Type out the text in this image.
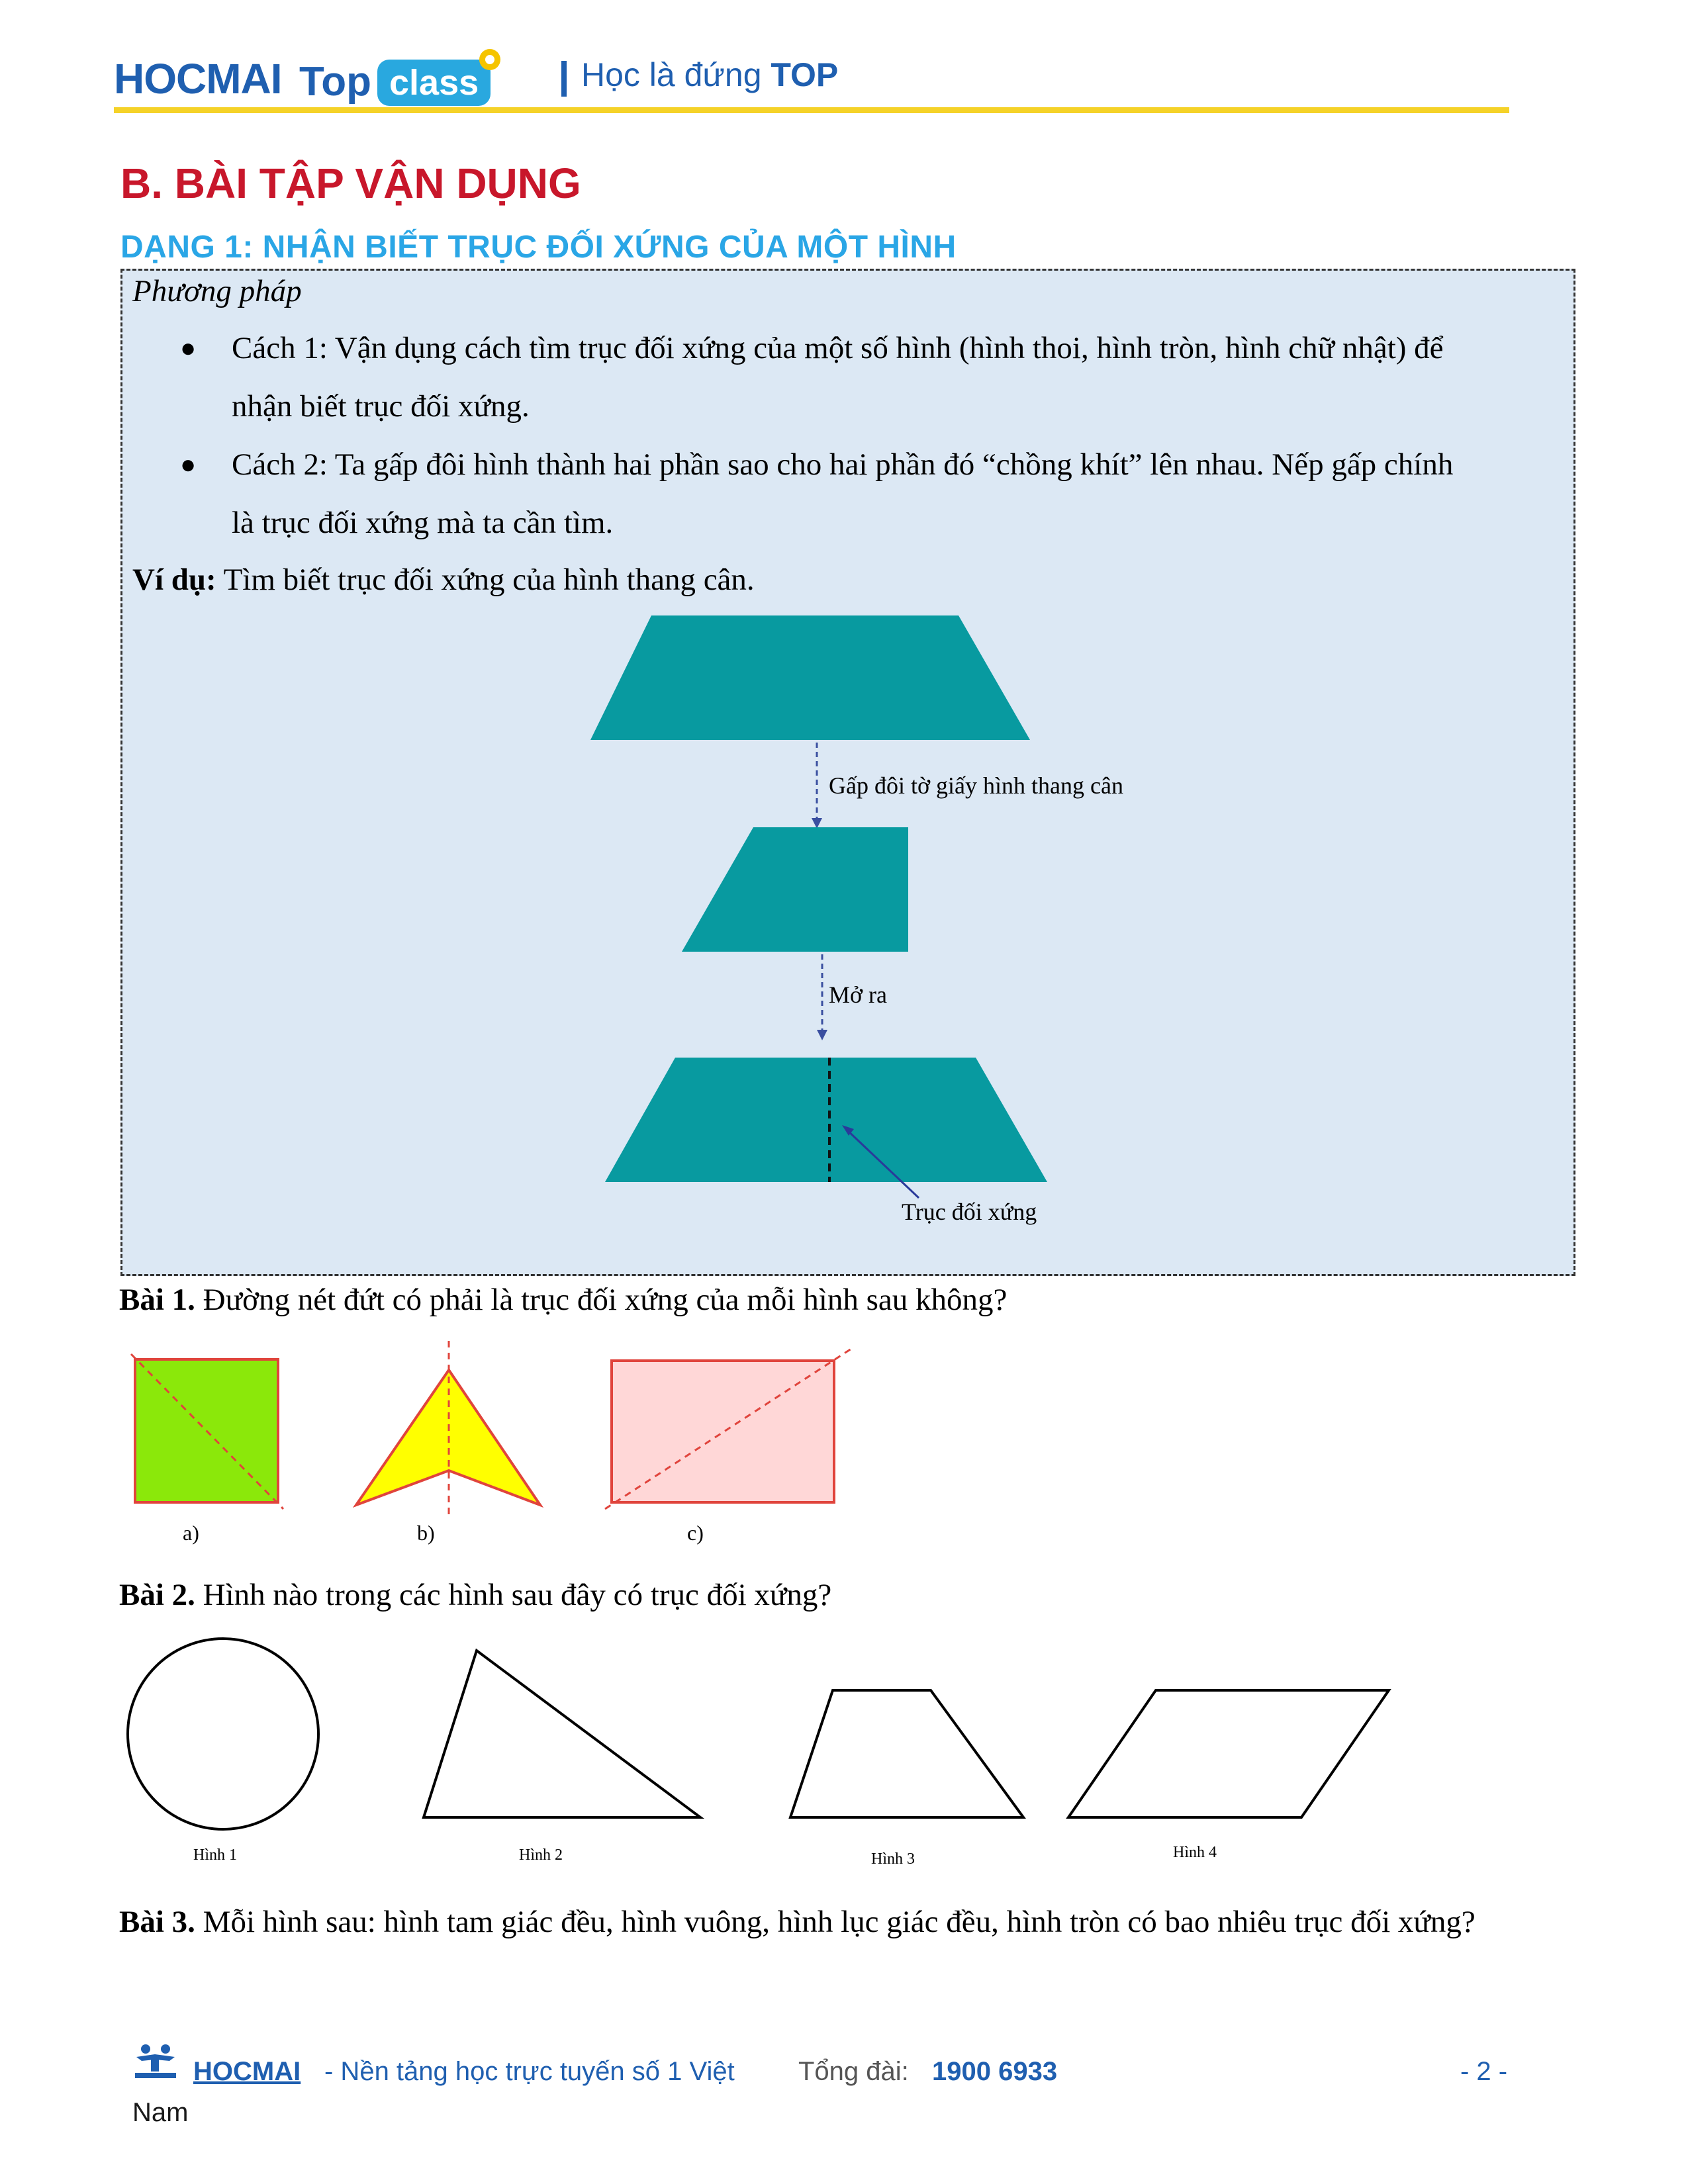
HOCMAI Top class	Học là đứng TOP
B. BÀI TẬP VẬN DỤNG
DẠNG 1: NHẬN BIẾT TRỤC ĐỐI XỨNG CỦA MỘT HÌNH
Phương pháp
● Cách 1: Vận dụng cách tìm trục đối xứng của một số hình (hình thoi, hình tròn, hình chữ nhật) để
nhận biết trục đối xứng.
● Cách 2: Ta gấp đôi hình thành hai phần sao cho hai phần đó “chồng khít” lên nhau. Nếp gấp chính
là trục đối xứng mà ta cần tìm.
Ví dụ: Tìm biết trục đối xứng của hình thang cân.
Gấp đôi tờ giấy hình thang cân
Mở ra
Trục đối xứng
Bài 1. Đường nét đứt có phải là trục đối xứng của mỗi hình sau không?
a)	b)	c)
Bài 2. Hình nào trong các hình sau đây có trục đối xứng?
Hình 1	Hình 2	Hình 3	Hình 4
Bài 3. Mỗi hình sau: hình tam giác đều, hình vuông, hình lục giác đều, hình tròn có bao nhiêu trục đối xứng?
HOCMAI - Nền tảng học trực tuyến số 1 Việt Tổng đài: 1900 6933	- 2 -
Nam
